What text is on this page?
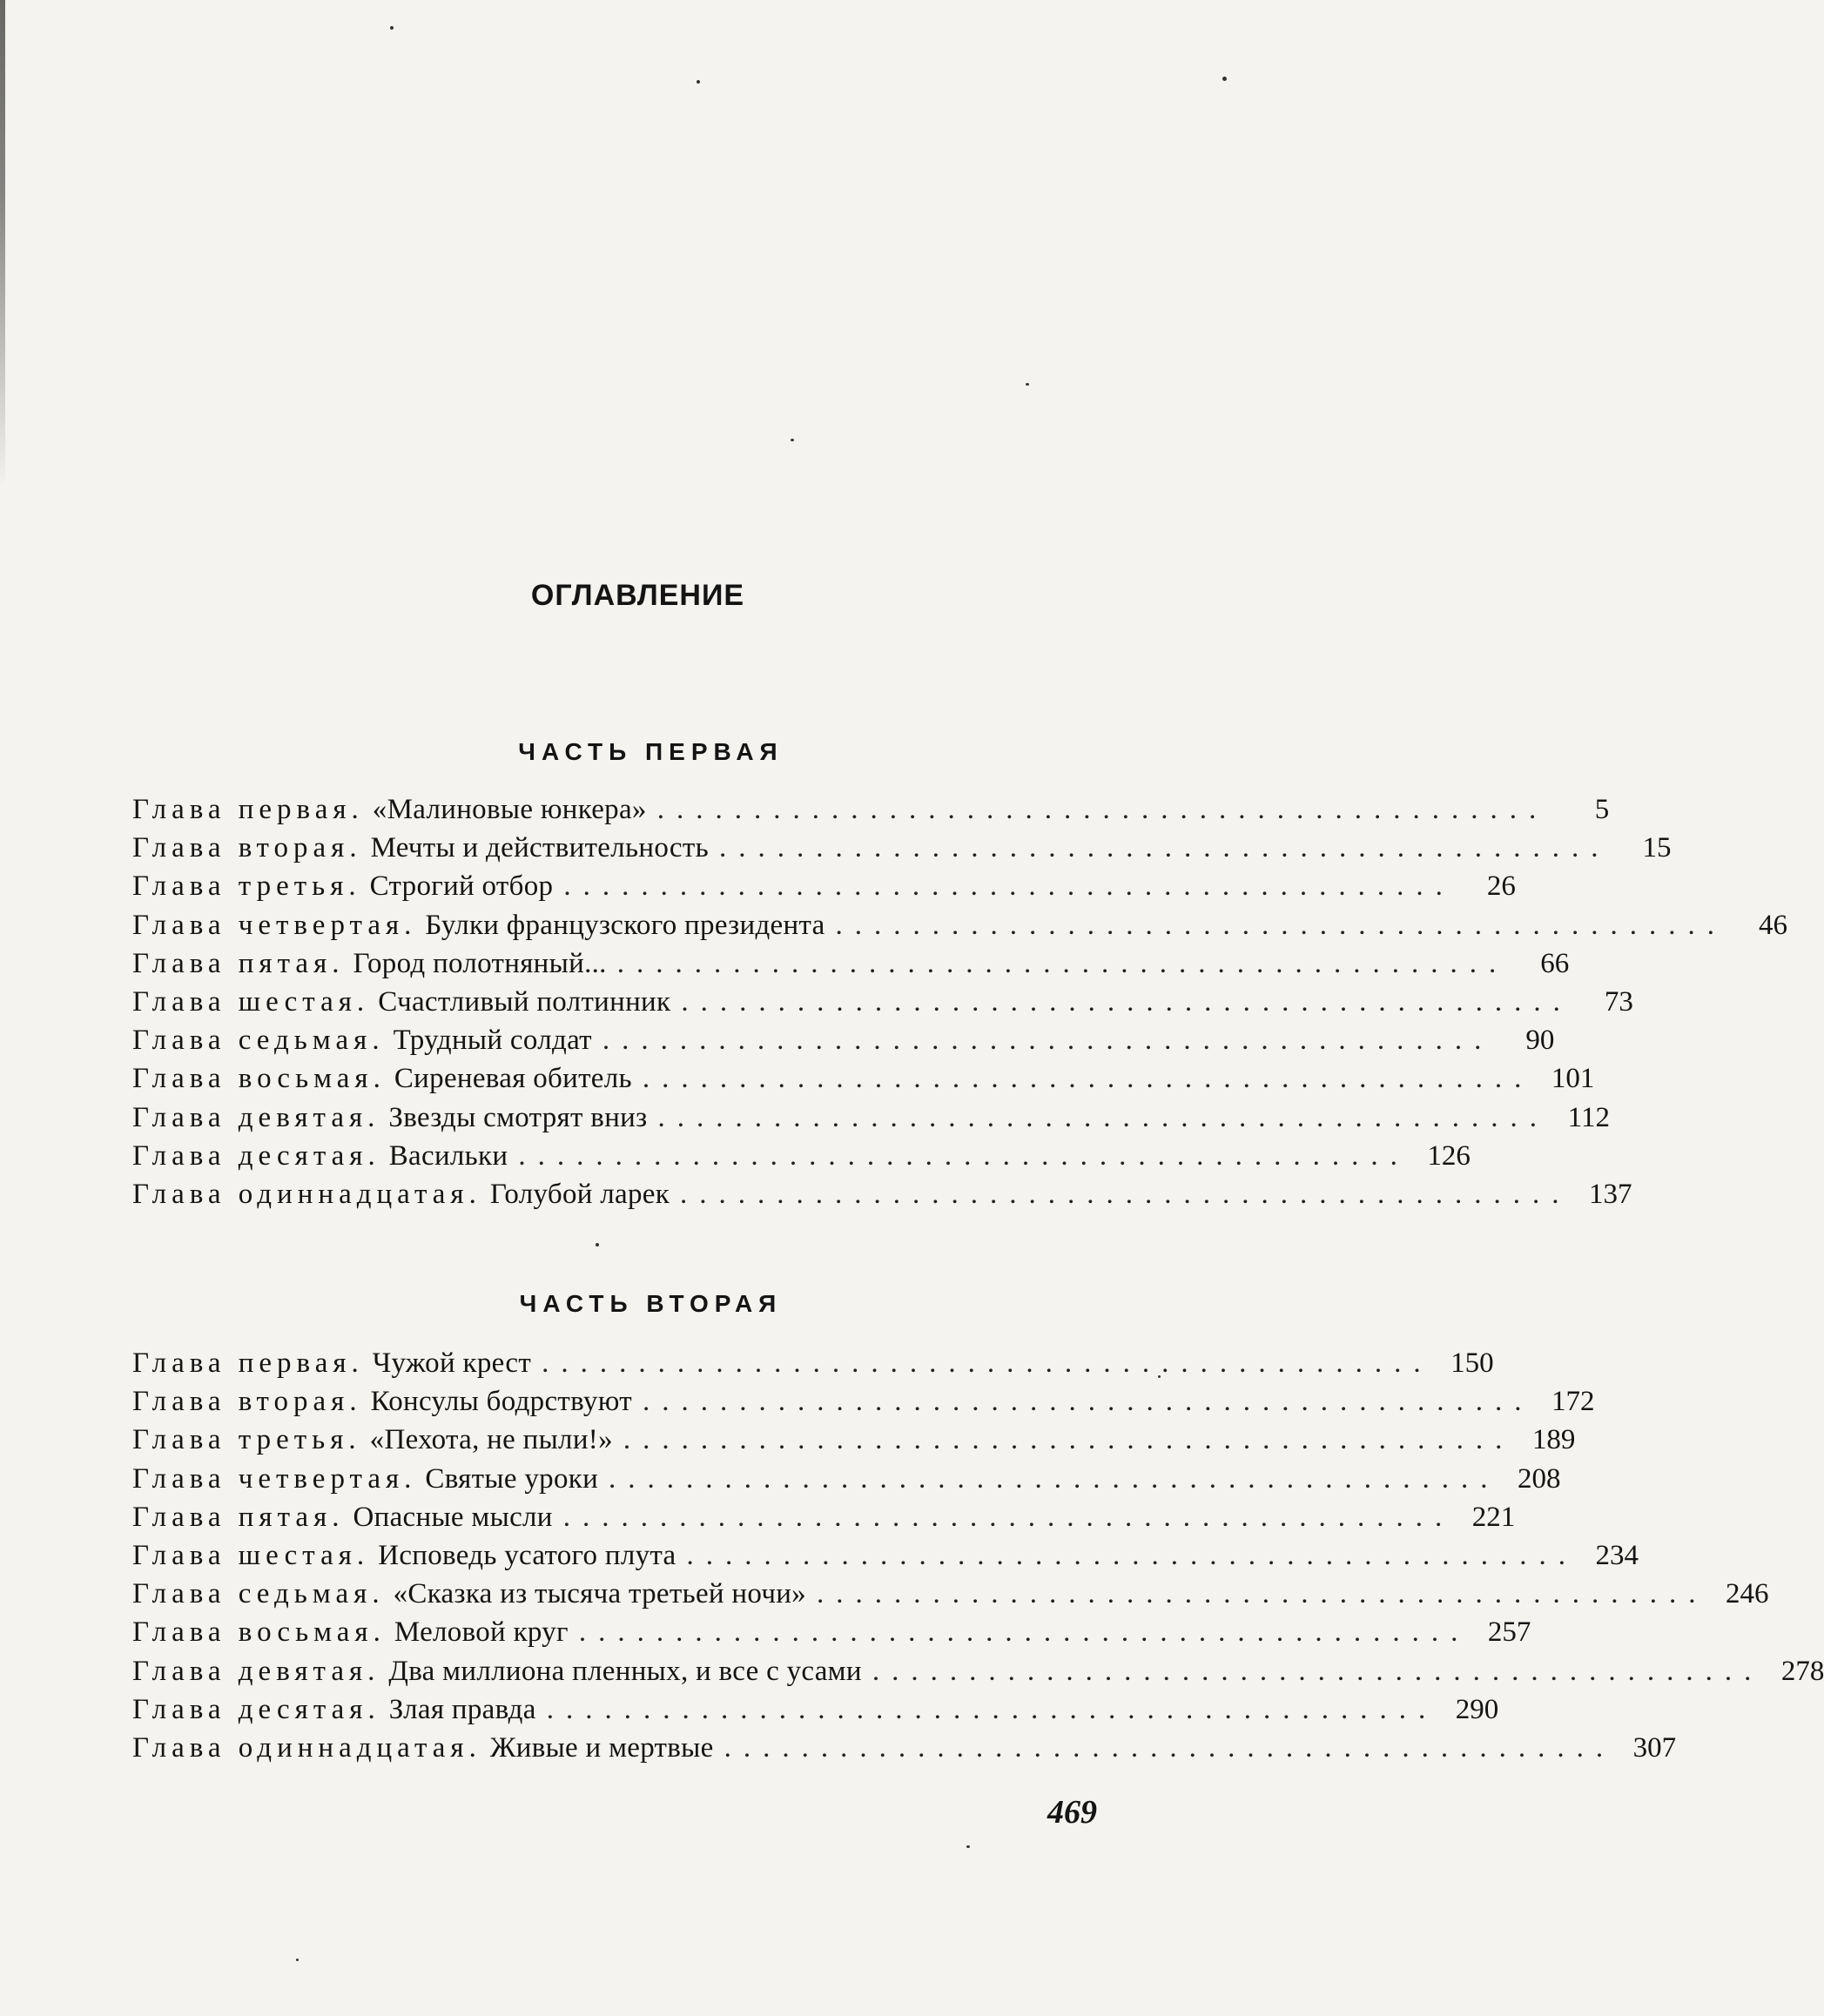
ОГЛАВЛЕНИЕ
ЧАСТЬ ПЕРВАЯ
Глава первая. «Малиновые юнкера» ..............................................	5
Глава вторая. Мечты и действительность ..............................................	15
Глава третья. Строгий отбор ..............................................	26
Глава четвертая. Булки французского президента ..............................................	46
Глава пятая. Город полотняный... ..............................................	66
Глава шестая. Счастливый полтинник ..............................................	73
Глава седьмая. Трудный солдат ..............................................	90
Глава восьмая. Сиреневая обитель .............................................. 101
Глава девятая. Звезды смотрят вниз .............................................. 112
Глава десятая. Васильки .............................................. 126
Глава одиннадцатая. Голубой ларек .............................................. 137
ЧАСТЬ ВТОРАЯ
Глава первая. Чужой крест .............................................. 150
Глава вторая. Консулы бодрствуют .............................................. 172
Глава третья. «Пехота, не пыли!» .............................................. 189
Глава четвертая. Святые уроки .............................................. 208
Глава пятая. Опасные мысли .............................................. 221
Глава шестая. Исповедь усатого плута .............................................. 234
Глава седьмая. «Сказка из тысяча третьей ночи» .............................................. 246
Глава восьмая. Меловой круг .............................................. 257
Глава девятая. Два миллиона пленных, и все с усами .............................................. 278
Глава десятая. Злая правда .............................................. 290
Глава одиннадцатая. Живые и мертвые .............................................. 307
469
